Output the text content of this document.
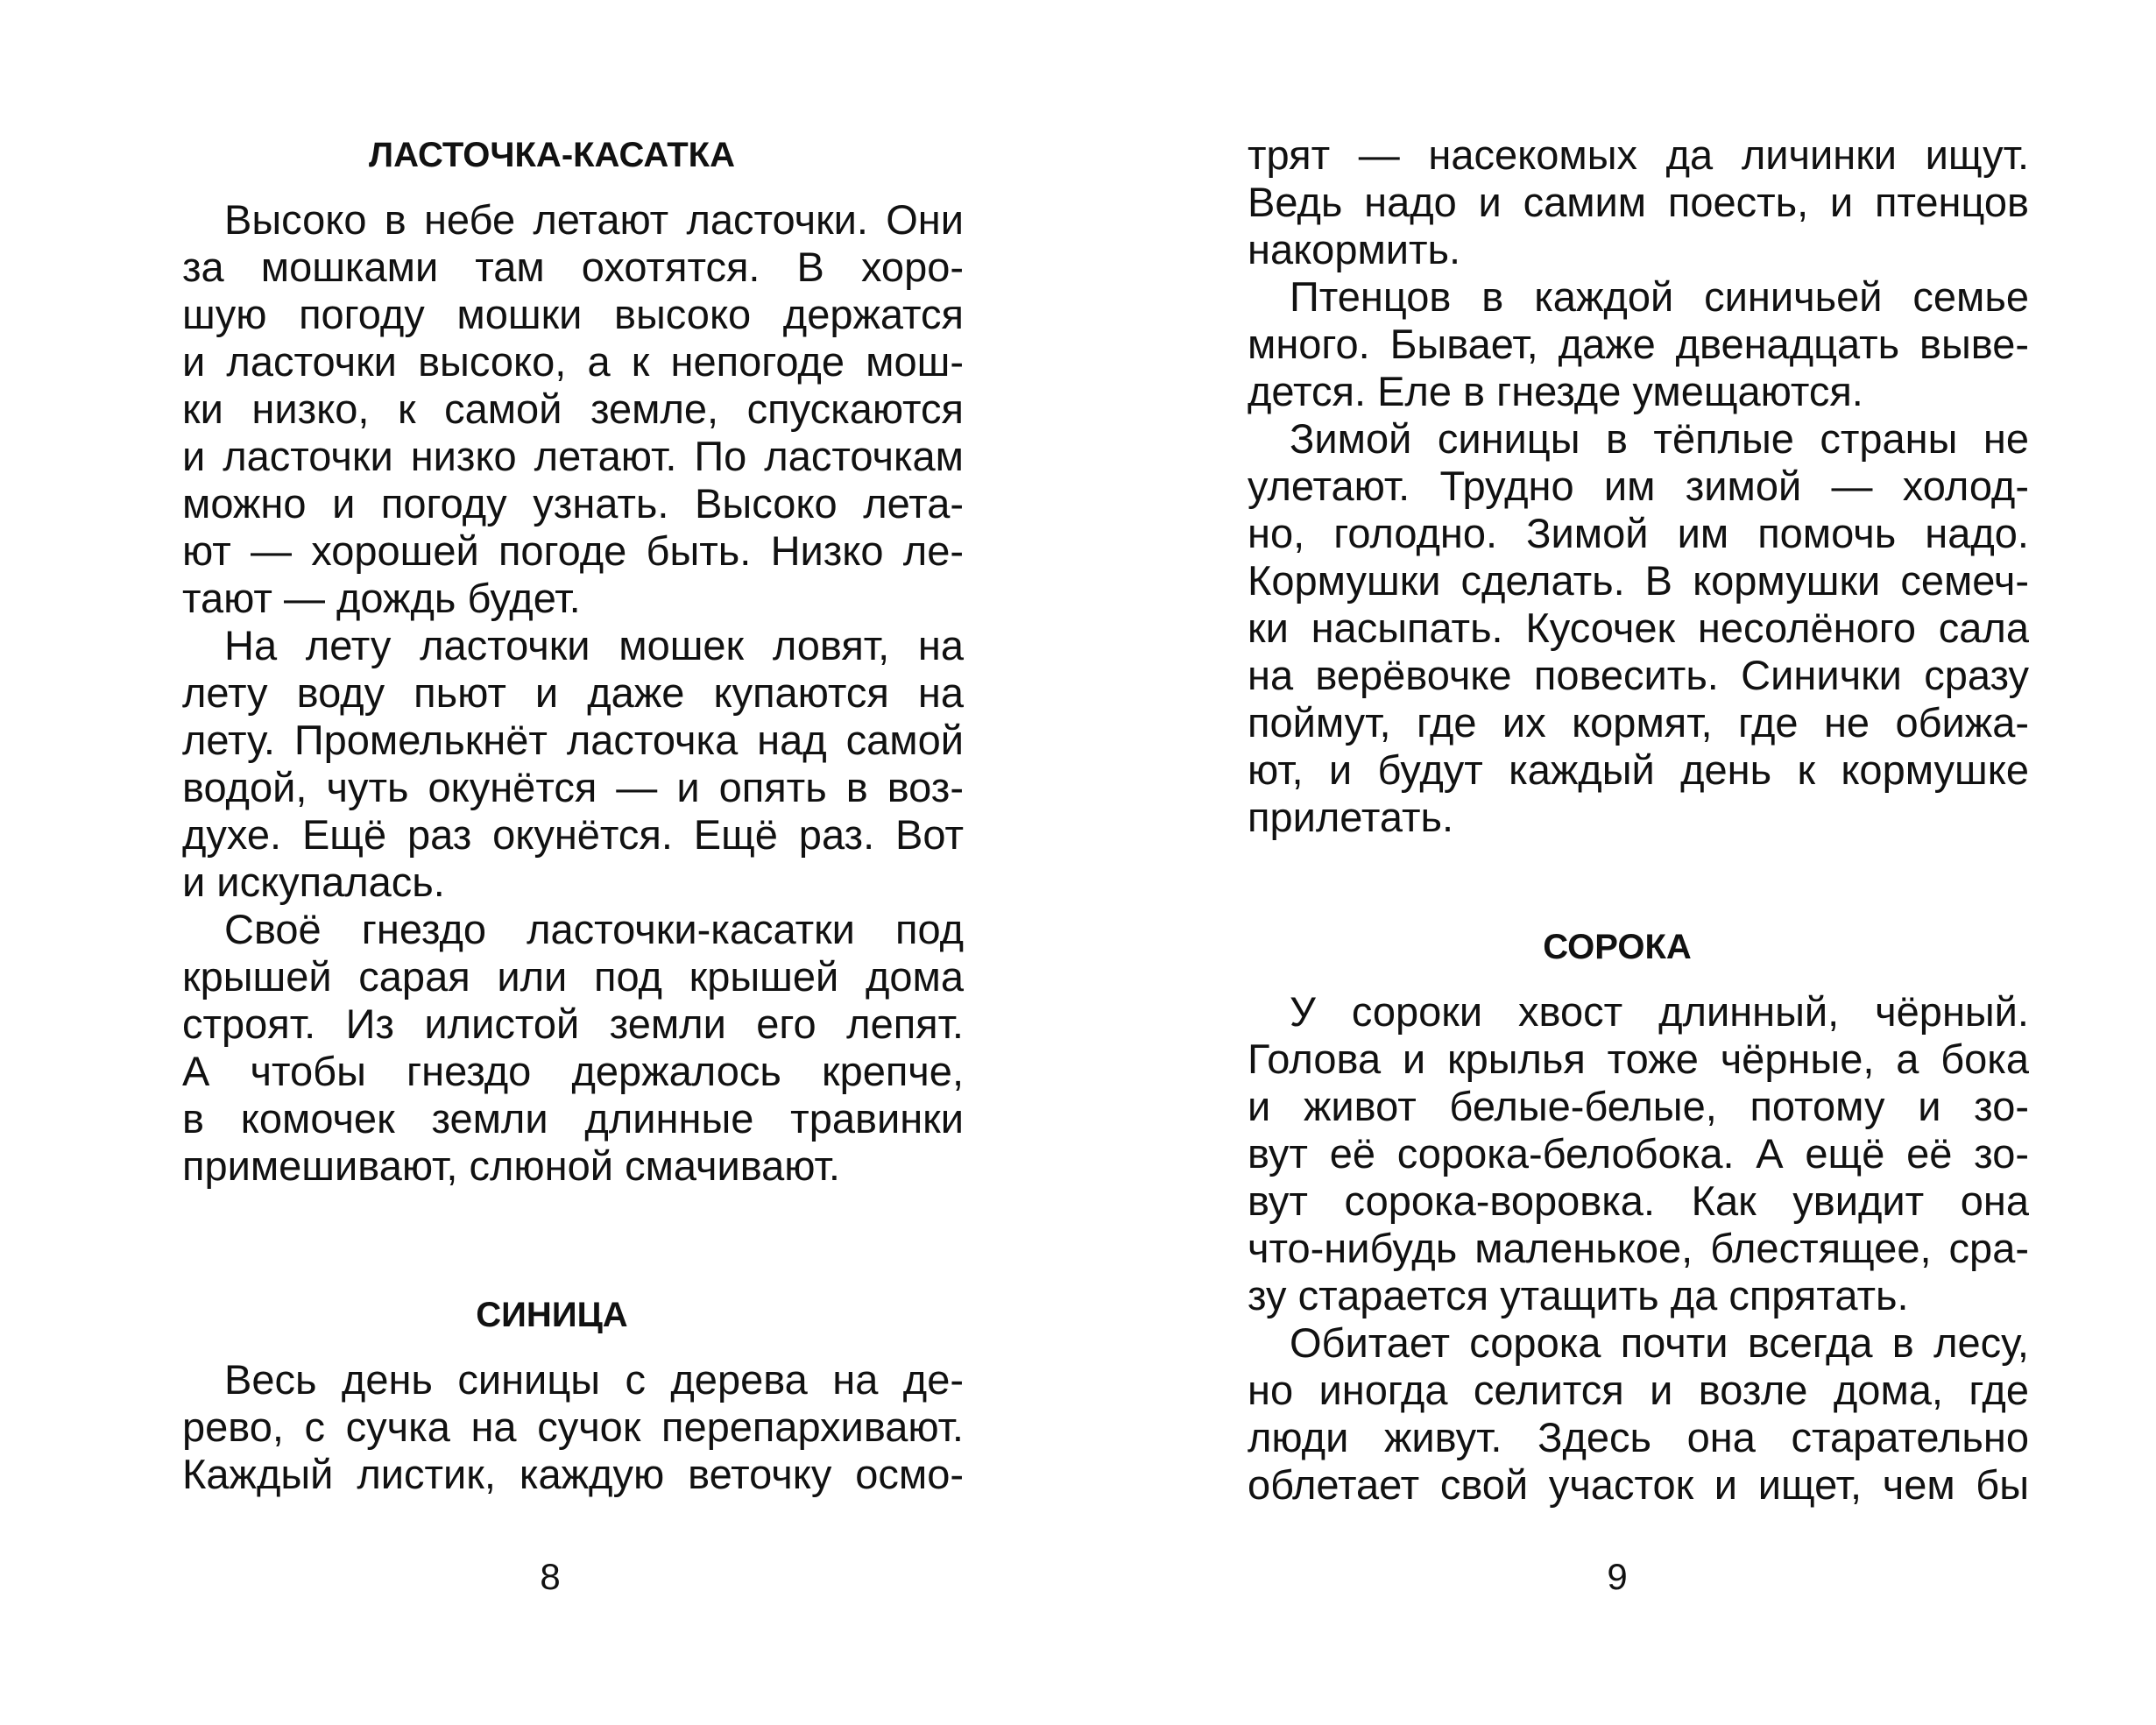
ЛАСТОЧКА-КАСАТКА
Высоко в небе летают ласточки. Они
за мошками там охотятся. В хоро-
шую погоду мошки высоко держатся
и ласточки высоко, а к непогоде мош-
ки низко, к самой земле, спускаются
и ласточки низко летают. По ласточкам
можно и погоду узнать. Высоко лета-
ют — хорошей погоде быть. Низко ле-
тают — дождь будет.
На лету ласточки мошек ловят, на
лету воду пьют и даже купаются на
лету. Промелькнёт ласточка над самой
водой, чуть окунётся — и опять в воз-
духе. Ещё раз окунётся. Ещё раз. Вот
и искупалась.
Своё гнездо ласточки-касатки под
крышей сарая или под крышей дома
строят. Из илистой земли его лепят.
А чтобы гнездо держалось крепче,
в комочек земли длинные травинки
примешивают, слюной смачивают.
СИНИЦА
Весь день синицы с дерева на де-
рево, с сучка на сучок перепархивают.
Каждый листик, каждую веточку осмо-
8
трят — насекомых да личинки ищут.
Ведь надо и самим поесть, и птенцов
накормить.
Птенцов в каждой синичьей семье
много. Бывает, даже двенадцать выве-
дется. Еле в гнезде умещаются.
Зимой синицы в тёплые страны не
улетают. Трудно им зимой — холод-
но, голодно. Зимой им помочь надо.
Кормушки сделать. В кормушки семеч-
ки насыпать. Кусочек несолёного сала
на верёвочке повесить. Синички сразу
поймут, где их кормят, где не обижа-
ют, и будут каждый день к кормушке
прилетать.
СОРОКА
У сороки хвост длинный, чёрный.
Голова и крылья тоже чёрные, а бока
и живот белые-белые, потому и зо-
вут её сорока-белобока. А ещё её зо-
вут сорока-воровка. Как увидит она
что-нибудь маленькое, блестящее, сра-
зу старается утащить да спрятать.
Обитает сорока почти всегда в лесу,
но иногда селится и возле дома, где
люди живут. Здесь она старательно
облетает свой участок и ищет, чем бы
9
